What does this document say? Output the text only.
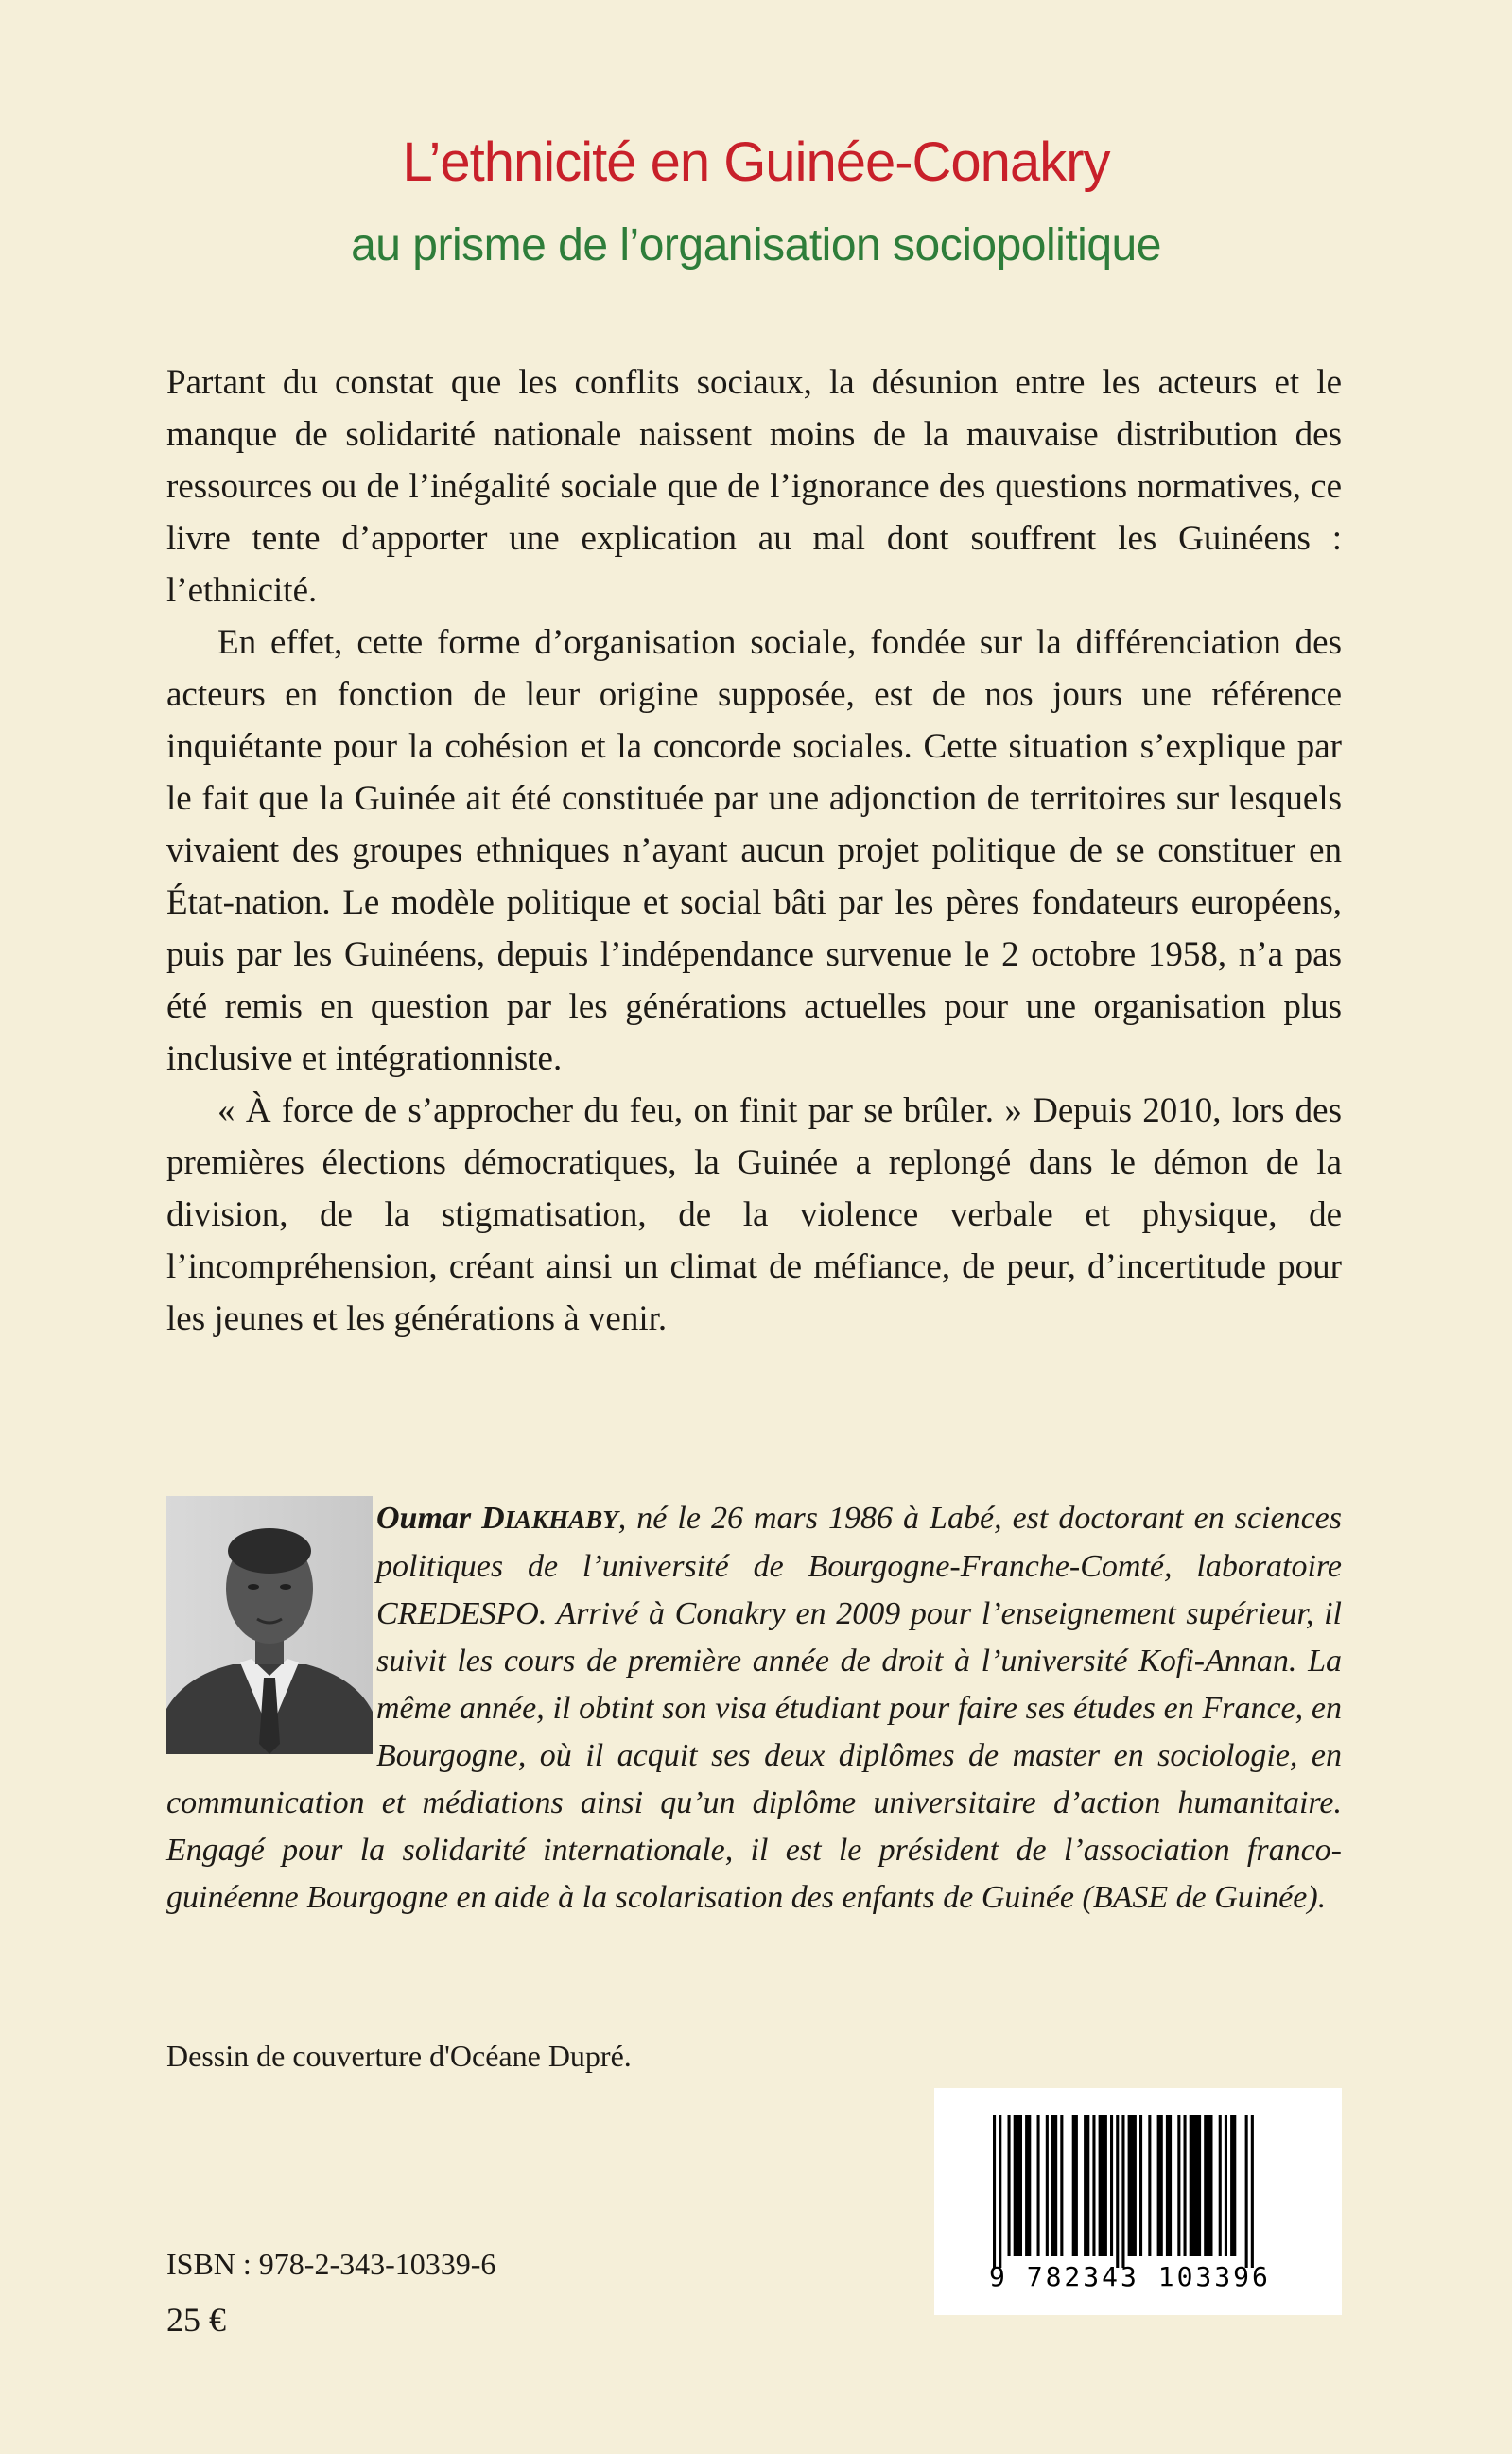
L’ethnicité en Guinée-Conakry
au prisme de l’organisation sociopolitique

Partant du constat que les conflits sociaux, la désunion entre les acteurs et le manque de solidarité nationale naissent moins de la mauvaise distribution des ressources ou de l’inégalité sociale que de l’ignorance des questions normatives, ce livre tente d’apporter une explication au mal dont souffrent les Guinéens : l’ethnicité.

En effet, cette forme d’organisation sociale, fondée sur la différenciation des acteurs en fonction de leur origine supposée, est de nos jours une référence inquiétante pour la cohésion et la concorde sociales. Cette situation s’explique par le fait que la Guinée ait été constituée par une adjonction de territoires sur lesquels vivaient des groupes ethniques n’ayant aucun projet politique de se constituer en État-nation. Le modèle politique et social bâti par les pères fondateurs européens, puis par les Guinéens, depuis l’indépendance survenue le 2 octobre 1958, n’a pas été remis en question par les générations actuelles pour une organisation plus inclusive et intégrationniste.

« À force de s’approcher du feu, on finit par se brûler. » Depuis 2010, lors des premières élections démocratiques, la Guinée a replongé dans le démon de la division, de la stigmatisation, de la violence verbale et physique, de l’incompréhension, créant ainsi un climat de méfiance, de peur, d’incertitude pour les jeunes et les générations à venir.

Oumar DIAKHABY, né le 26 mars 1986 à Labé, est doctorant en sciences politiques de l’université de Bourgogne-Franche-Comté, laboratoire CREDESPO. Arrivé à Conakry en 2009 pour l’enseignement supérieur, il suivit les cours de première année de droit à l’université Kofi-Annan. La même année, il obtint son visa étudiant pour faire ses études en France, en Bourgogne, où il acquit ses deux diplômes de master en sociologie, en communication et médiations ainsi qu’un diplôme universitaire d’action humanitaire. Engagé pour la solidarité internationale, il est le président de l’association franco-guinéenne Bourgogne en aide à la scolarisation des enfants de Guinée (BASE de Guinée).
Dessin de couverture d'Océane Dupré.
ISBN : 978-2-343-10339-6
25 €
9 782343 103396
